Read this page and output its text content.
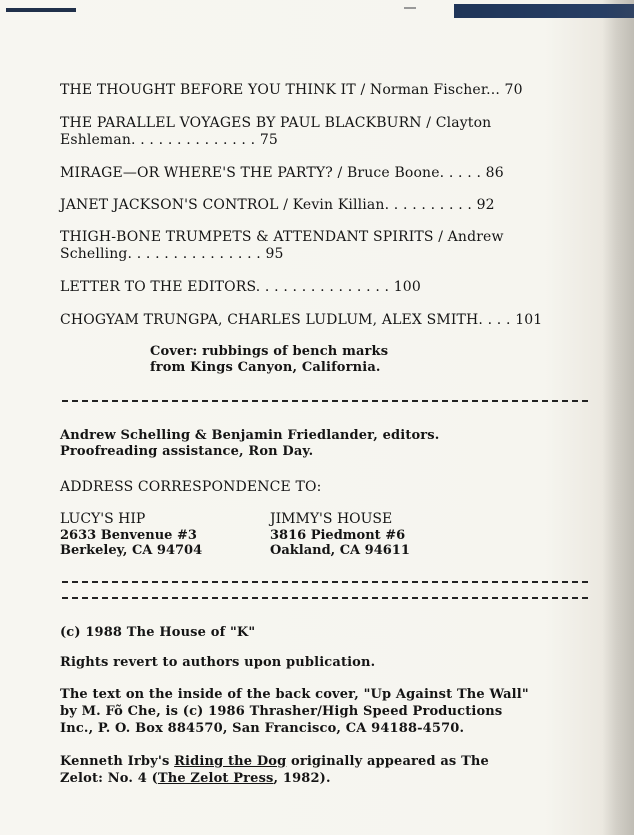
THE THOUGHT BEFORE YOU THINK IT / Norman Fischer... 70
THE PARALLEL VOYAGES BY PAUL BLACKBURN / Clayton
Eshleman. . . . . . . . . . . . . . 75
MIRAGE—OR WHERE'S THE PARTY? / Bruce Boone. . . . . 86
JANET JACKSON'S CONTROL / Kevin Killian. . . . . . . . . . 92
THIGH-BONE TRUMPETS & ATTENDANT SPIRITS / Andrew
Schelling. . . . . . . . . . . . . . . 95
LETTER TO THE EDITORS. . . . . . . . . . . . . . . 100
CHOGYAM TRUNGPA, CHARLES LUDLUM, ALEX SMITH. . . . 101
Cover: rubbings of bench marks
from Kings Canyon, California.
Andrew Schelling & Benjamin Friedlander, editors.
Proofreading assistance, Ron Day.
ADDRESS CORRESPONDENCE TO:
LUCY'S HIP
2633 Benvenue #3
Berkeley, CA 94704
JIMMY'S HOUSE
3816 Piedmont #6
Oakland, CA 94611
(c) 1988 The House of "K"
Rights revert to authors upon publication.
The text on the inside of the back cover, "Up Against The Wall"
by M. Fõ Che, is (c) 1986 Thrasher/High Speed Productions
Inc., P. O. Box 884570, San Francisco, CA 94188-4570.
Kenneth Irby's Riding the Dog originally appeared as The
Zelot: No. 4 (The Zelot Press, 1982).
